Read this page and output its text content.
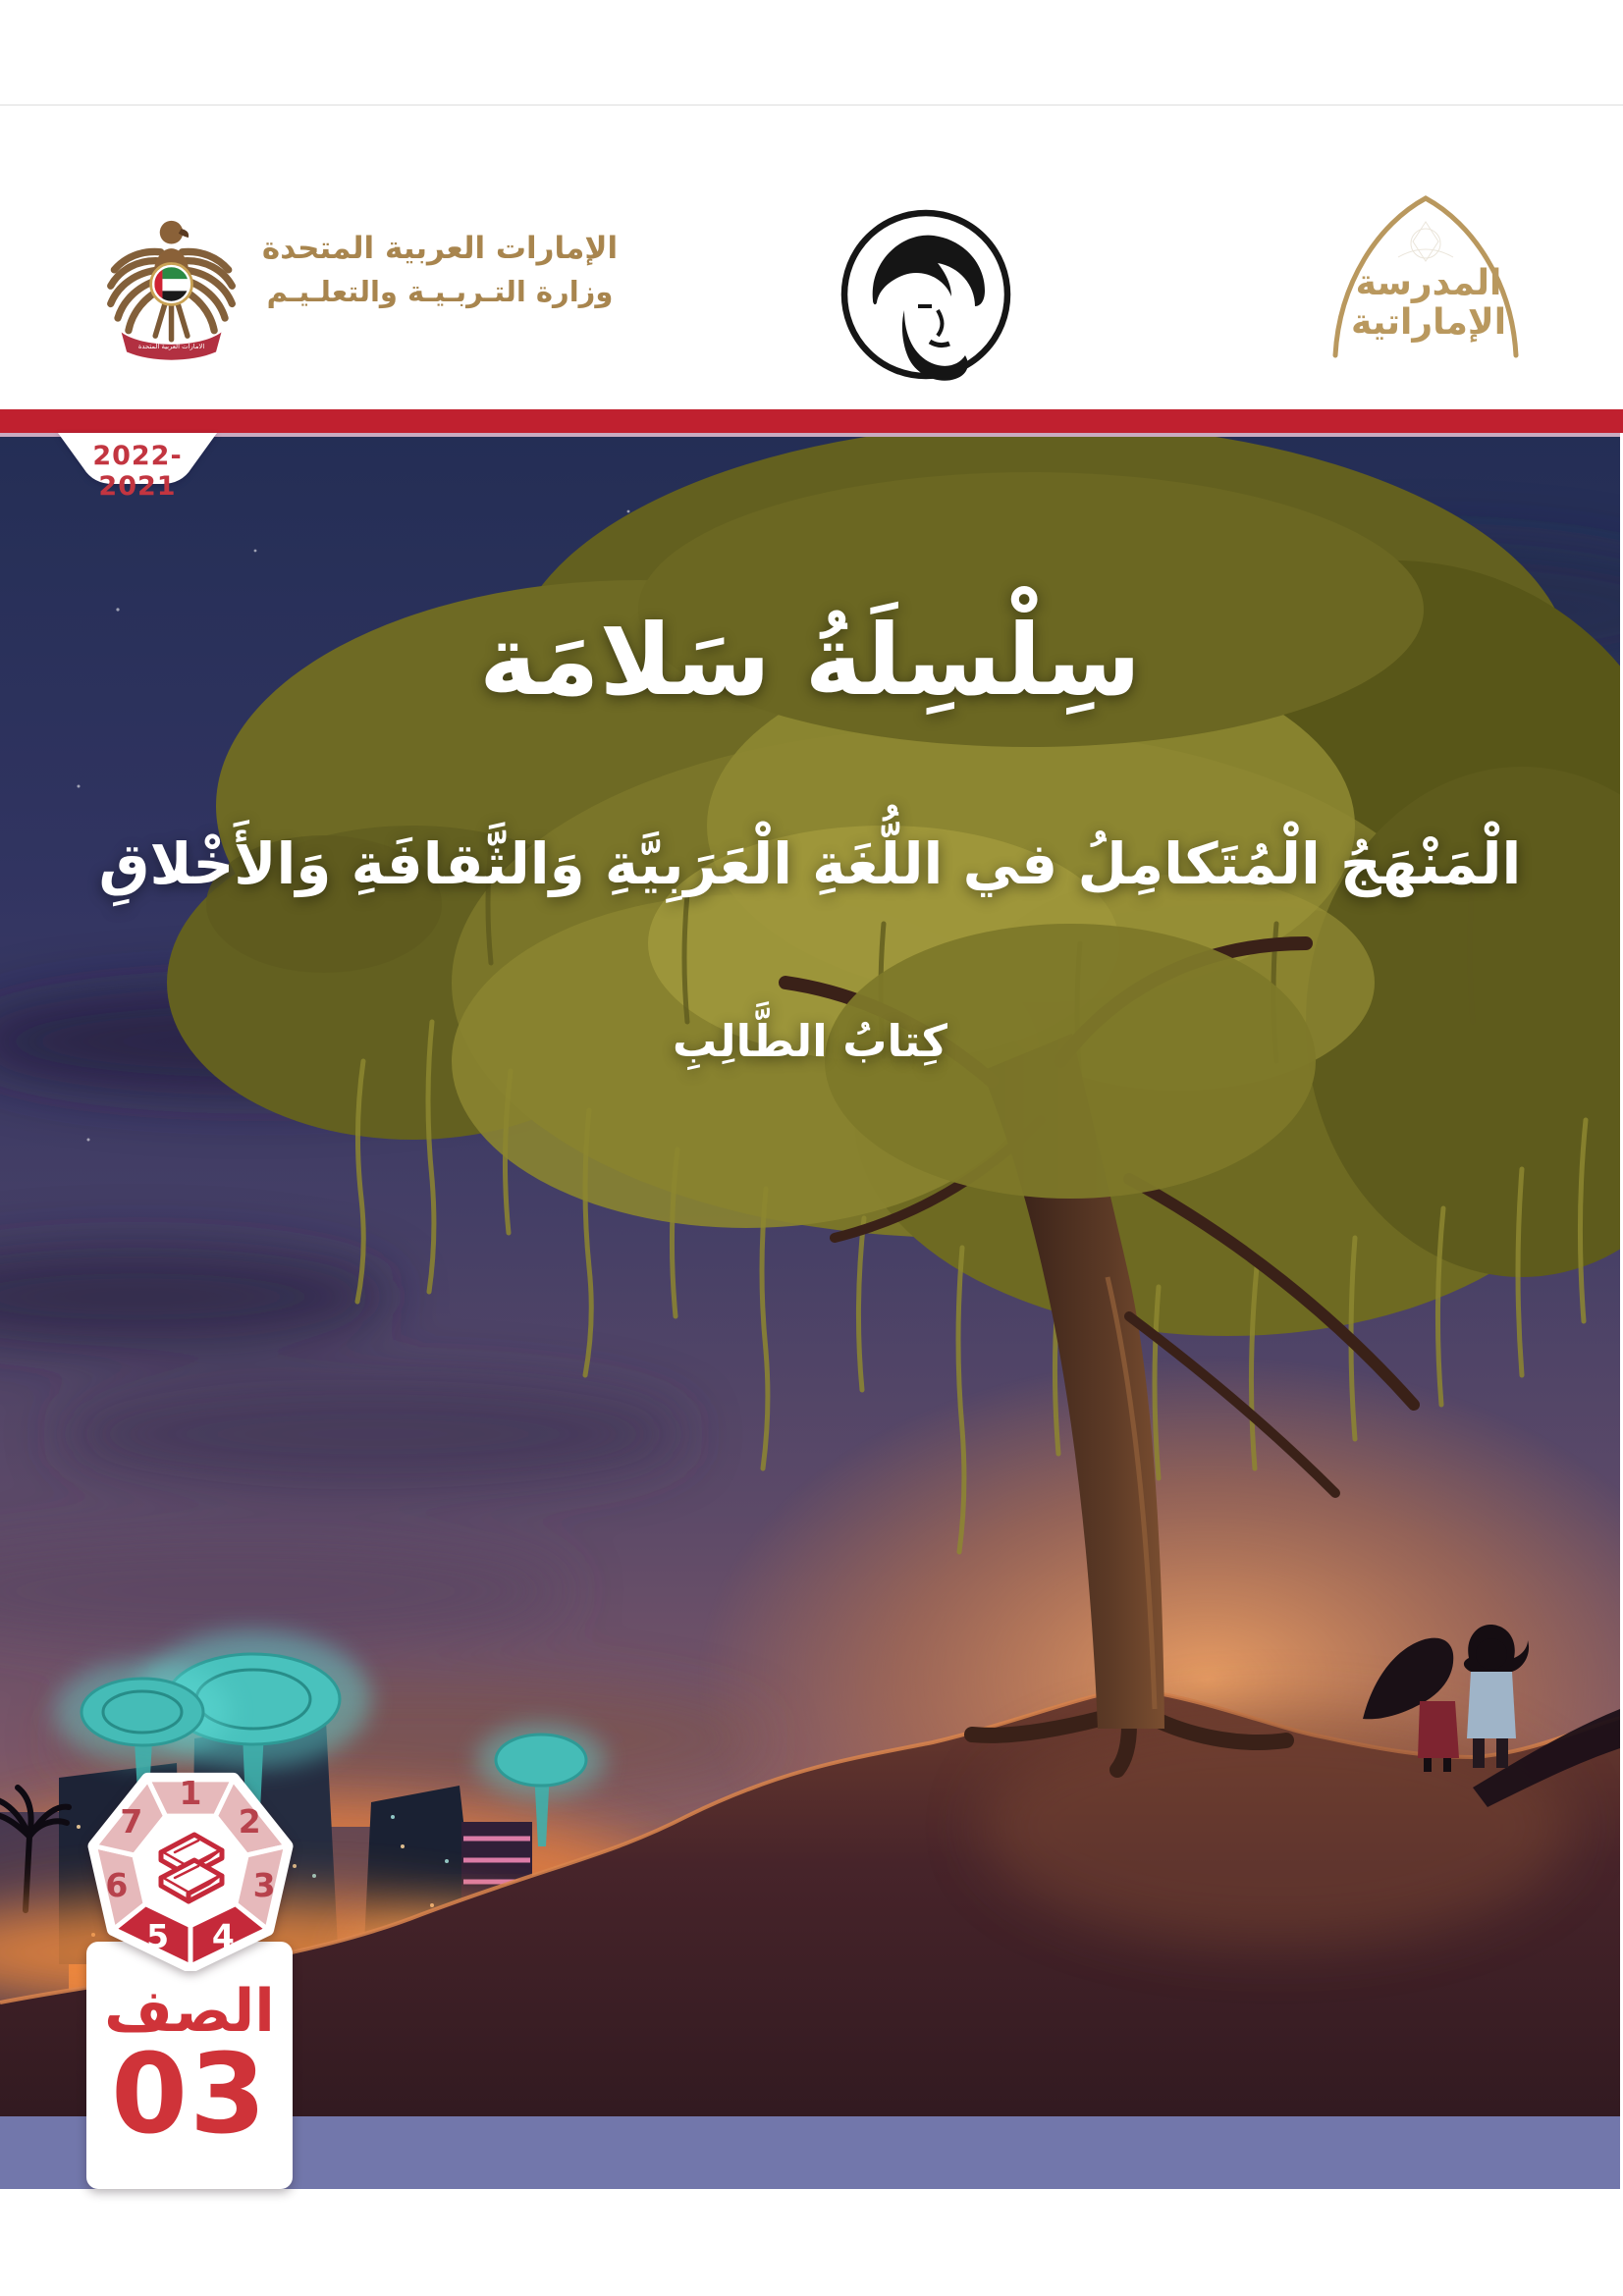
الامارات العربية المتحدة
الإمارات العربية المتحدة
وزارة التـربـيـة والتعلـيـم	المدرسة
الإماراتية
2022-2021
سِلْسِلَةُ سَلامَة
الْمَنْهَجُ الْمُتَكامِلُ في اللُّغَةِ الْعَرَبِيَّةِ وَالثَّقافَةِ وَالأَخْلاقِ
كِتابُ الطَّالِبِ
الصف
03
1
2
3
4
5
6
7
